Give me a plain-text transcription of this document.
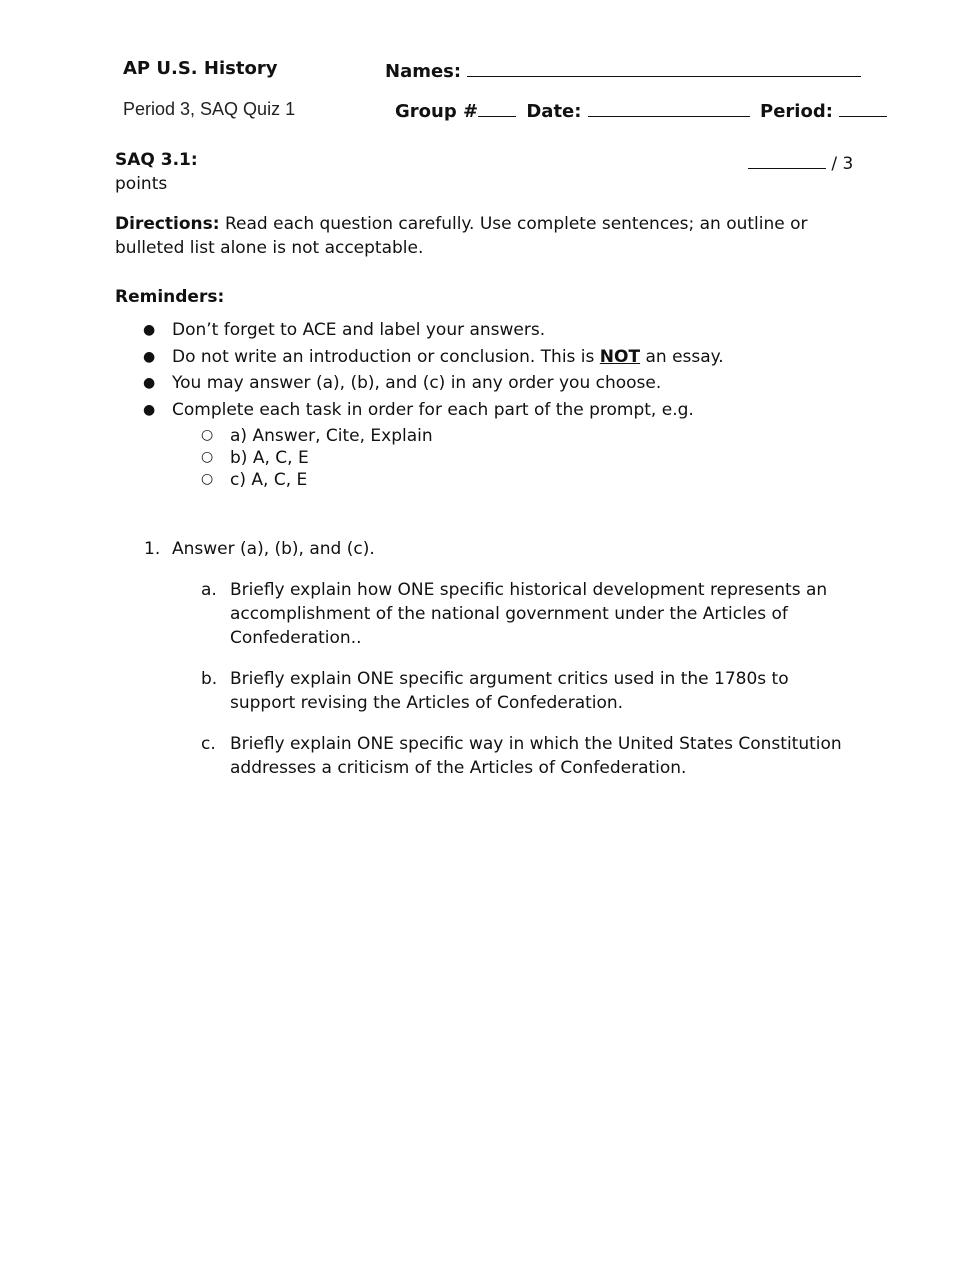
AP U.S. History
Period 3, SAQ Quiz 1
Names:
Group #	Date:	Period:
SAQ 3.1:	/ 3
points
Directions: Read each question carefully. Use complete sentences; an outline or
bulleted list alone is not acceptable.
Reminders:
● Don’t forget to ACE and label your answers.
● Do not write an introduction or conclusion. This is NOT an essay.
● You may answer (a), (b), and (c) in any order you choose.
● Complete each task in order for each part of the prompt, e.g.
○ a) Answer, Cite, Explain
○ b) A, C, E
○ c) A, C, E
1. Answer (a), (b), and (c).
a. Briefly explain how ONE specific historical development represents an accomplishment of the national government under the Articles of Confederation..
b. Briefly explain ONE specific argument critics used in the 1780s to support revising the Articles of Confederation.
c. Briefly explain ONE specific way in which the United States Constitution addresses a criticism of the Articles of Confederation.
